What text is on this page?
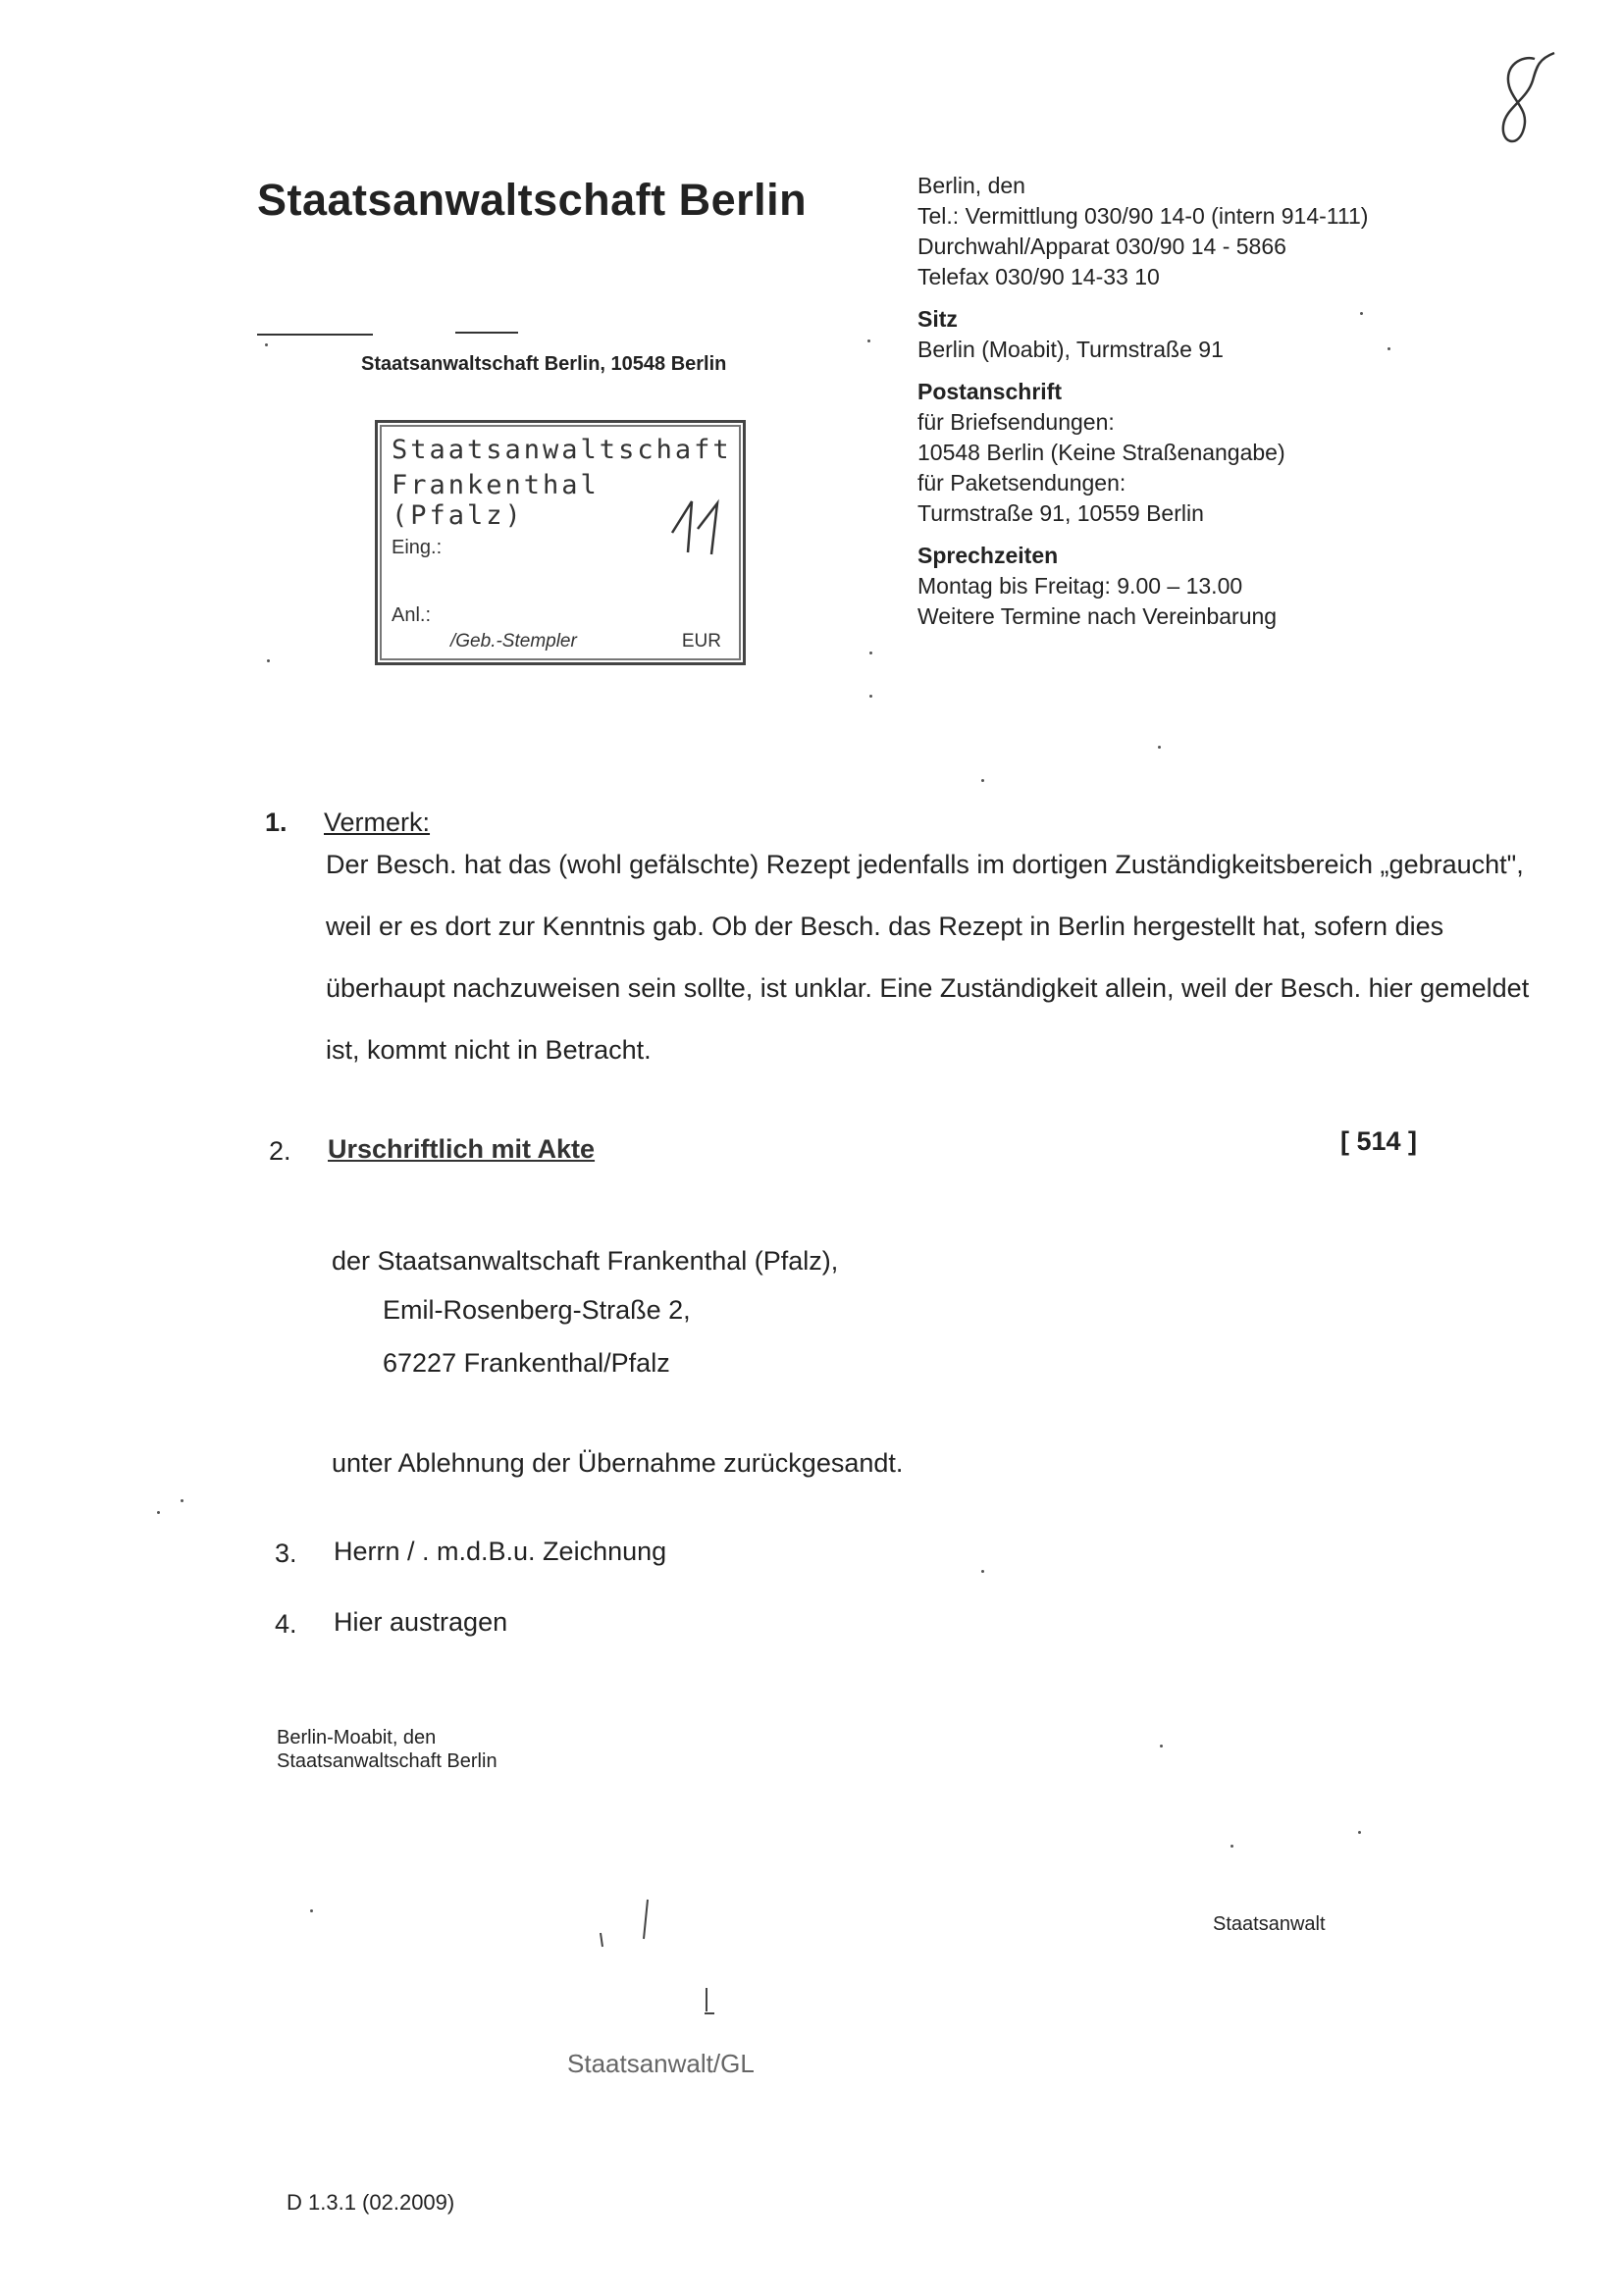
Staatsanwaltschaft Berlin	Berlin, den
Tel.: Vermittlung 030/90 14-0 (intern 914-111)
Durchwahl/Apparat 030/90 14 - 5866
Telefax 030/90 14-33 10
Sitz
Berlin (Moabit), Turmstraße 91
Postanschrift
für Briefsendungen:
10548 Berlin (Keine Straßenangabe)
für Paketsendungen:
Turmstraße 91, 10559 Berlin
Sprechzeiten
Montag bis Freitag: 9.00 – 13.00
Weitere Termine nach Vereinbarung
Staatsanwaltschaft Berlin, 10548 Berlin
Staatsanwaltschaft
Frankenthal (Pfalz)
Eing.:
Anl.:
/Geb.-Stempler	EUR
1. Vermerk:
Der Besch. hat das (wohl gefälschte) Rezept jedenfalls im dortigen Zuständigkeitsbereich „gebraucht", weil er es dort zur Kenntnis gab. Ob der Besch. das Rezept in Berlin hergestellt hat, sofern dies überhaupt nachzuweisen sein sollte, ist unklar. Eine Zuständigkeit allein, weil der Besch. hier gemeldet ist, kommt nicht in Betracht.
2. Urschriftlich mit Akte	[ 514 ]
der Staatsanwaltschaft Frankenthal (Pfalz),
Emil-Rosenberg-Straße 2,
67227 Frankenthal/Pfalz
unter Ablehnung der Übernahme zurückgesandt.
3. Herrn / . m.d.B.u. Zeichnung
4. Hier austragen
Berlin-Moabit, den
Staatsanwaltschaft Berlin
Staatsanwalt
Staatsanwalt/GL
D 1.3.1 (02.2009)
